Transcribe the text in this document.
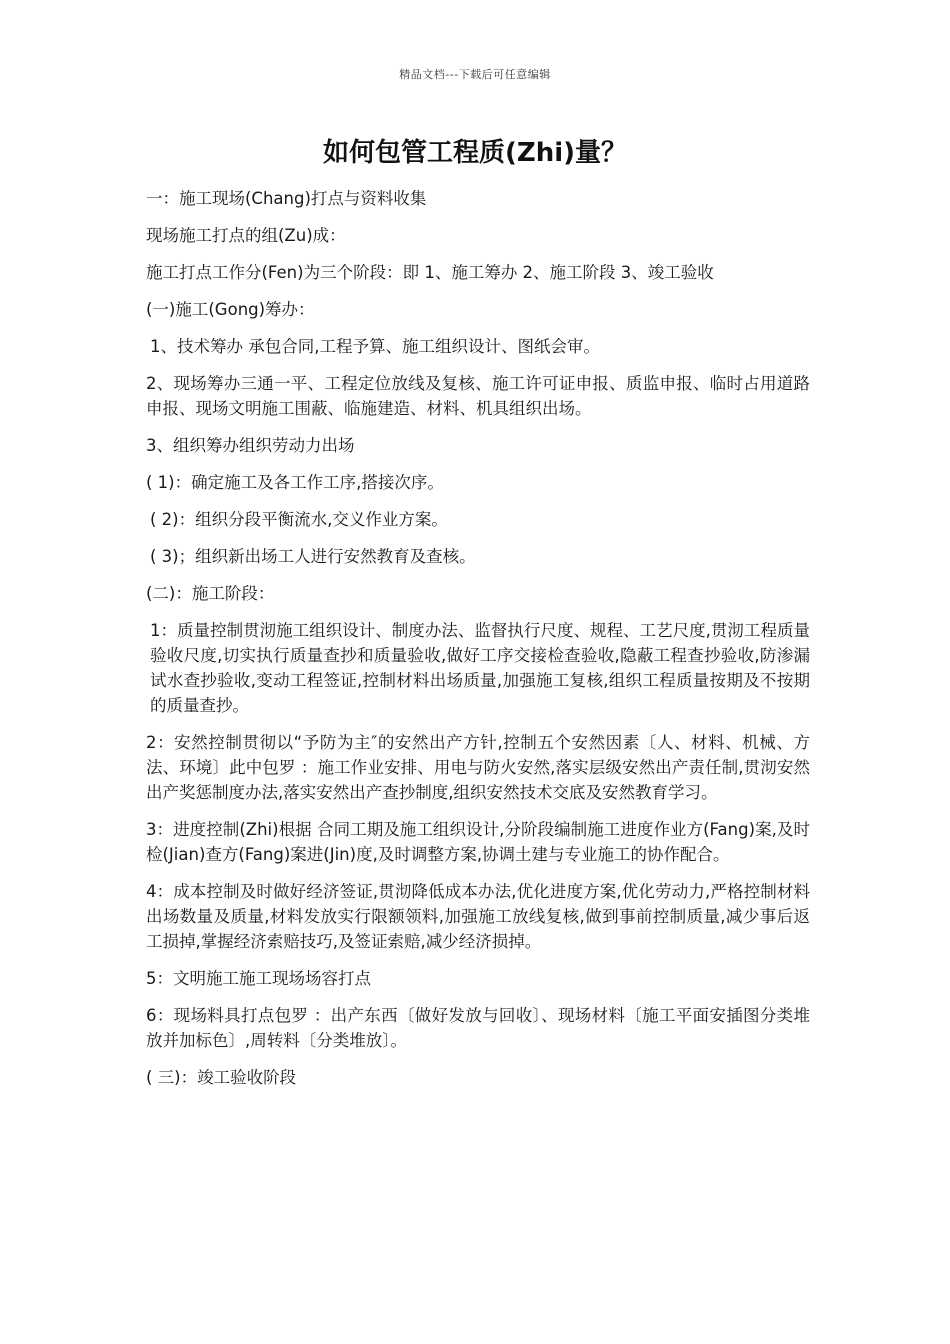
精品文档---下载后可任意编辑
如何包管工程质(Zhi)量？

一：施工现场(Chang)打点与资料收集

现场施工打点的组(Zu)成：

施工打点工作分(Fen)为三个阶段：即 1、施工筹办 2、施工阶段 3、竣工验收

(一)施工(Gong)筹办：

1、技术筹办 承包合同,工程予算、施工组织设计、图纸会审。

2、现场筹办三通一平、工程定位放线及复核、施工许可证申报、质监申报、临时占用道路申报、现场文明施工围蔽、临施建造、材料、机具组织出场。

3、组织筹办组织劳动力出场

( 1)：确定施工及各工作工序,搭接次序。

( 2)：组织分段平衡流水,交义作业方案。

( 3)；组织新出场工人进行安然教育及查核。

(二)：施工阶段：

1：质量控制贯沏施工组织设计、制度办法、监督执行尺度、规程、工艺尺度,贯沏工程质量验收尺度,切实执行质量查抄和质量验收,做好工序交接检查验收,隐蔽工程查抄验收,防渗漏试水查抄验收,变动工程签证,控制材料出场质量,加强施工复核,组织工程质量按期及不按期的质量查抄。

2：安然控制贯彻以“予防为主″的安然出产方针,控制五个安然因素〔人、材料、机械、方法、环境〕此中包罗 ：施工作业安排、用电与防火安然,落实层级安然出产责任制,贯沏安然出产奖惩制度办法,落实安然出产查抄制度,组织安然技术交底及安然教育学习。

3：进度控制(Zhi)根据 合同工期及施工组织设计,分阶段编制施工进度作业方(Fang)案,及时检(Jian)查方(Fang)案进(Jin)度,及时调整方案,协调土建与专业施工的协作配合。

4：成本控制及时做好经济签证,贯沏降低成本办法,优化进度方案,优化劳动力,严格控制材料出场数量及质量,材料发放实行限额领料,加强施工放线复核,做到事前控制质量,减少事后返工损掉,掌握经济索赔技巧,及签证索赔,减少经济损掉。

5：文明施工施工现场场容打点

6：现场料具打点包罗 ：出产东西〔做好发放与回收〕、现场材料〔施工平面安插图分类堆放并加标色〕,周转料〔分类堆放〕。

( 三)：竣工验收阶段
